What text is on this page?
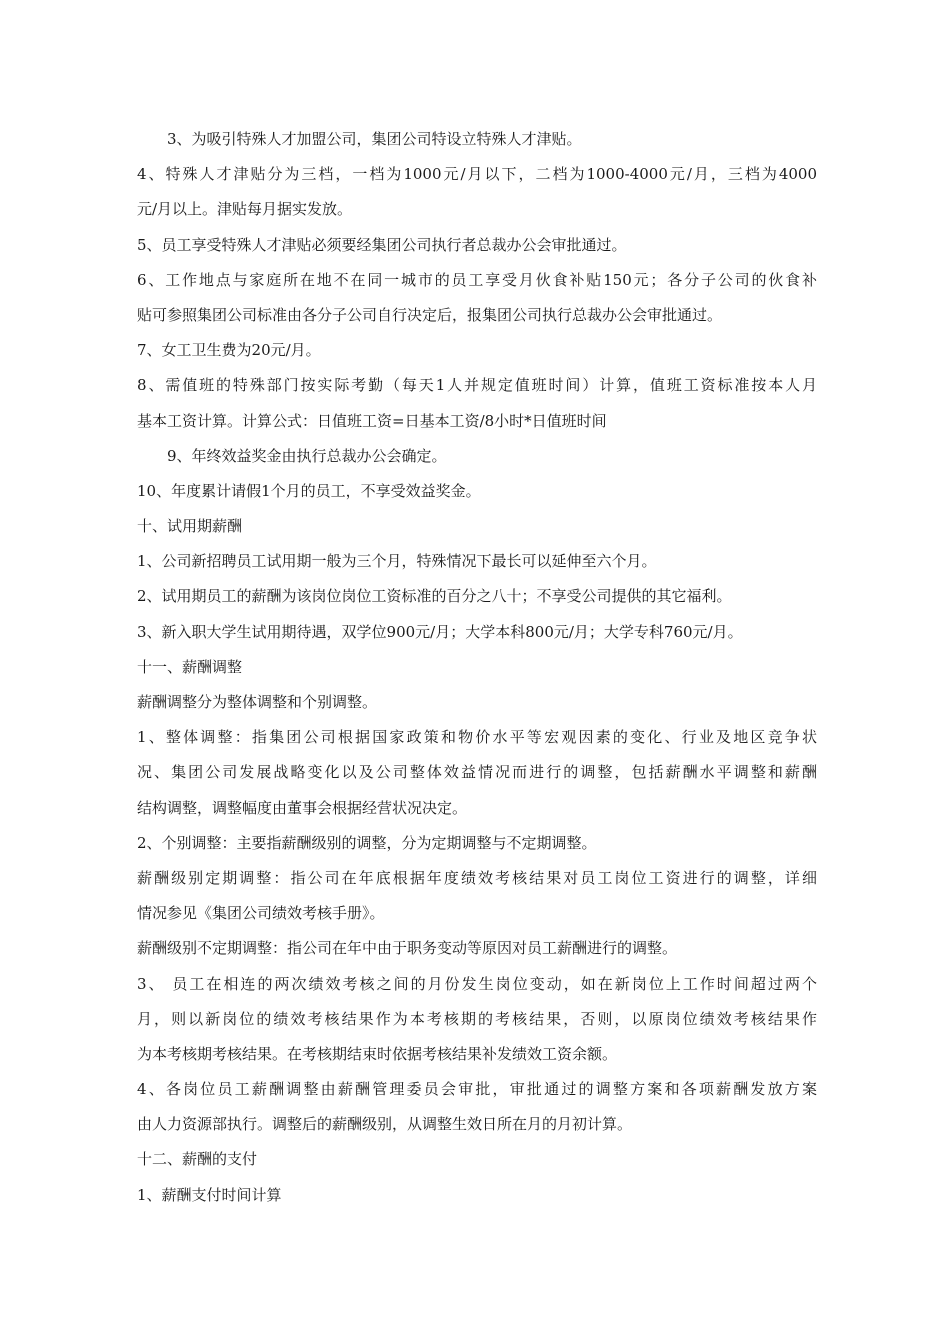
3、为吸引特殊人才加盟公司，集团公司特设立特殊人才津贴。
4、特殊人才津贴分为三档，一档为1000元/月以下，二档为1000-4000元/月，三档为4000
元/月以上。津贴每月据实发放。
5、员工享受特殊人才津贴必须要经集团公司执行者总裁办公会审批通过。
6、工作地点与家庭所在地不在同一城市的员工享受月伙食补贴150元；各分子公司的伙食补
贴可参照集团公司标准由各分子公司自行决定后，报集团公司执行总裁办公会审批通过。
7、女工卫生费为20元/月。
8、需值班的特殊部门按实际考勤（每天1人并规定值班时间）计算，值班工资标准按本人月
基本工资计算。计算公式：日值班工资=日基本工资/8小时*日值班时间
9、年终效益奖金由执行总裁办公会确定。
10、年度累计请假1个月的员工，不享受效益奖金。
十、试用期薪酬
1、公司新招聘员工试用期一般为三个月，特殊情况下最长可以延伸至六个月。
2、试用期员工的薪酬为该岗位岗位工资标准的百分之八十；不享受公司提供的其它福利。
3、新入职大学生试用期待遇，双学位900元/月；大学本科800元/月；大学专科760元/月。
十一、薪酬调整
薪酬调整分为整体调整和个别调整。
1、整体调整：指集团公司根据国家政策和物价水平等宏观因素的变化、行业及地区竞争状
况、集团公司发展战略变化以及公司整体效益情况而进行的调整，包括薪酬水平调整和薪酬
结构调整，调整幅度由董事会根据经营状况决定。
2、个别调整：主要指薪酬级别的调整，分为定期调整与不定期调整。
薪酬级别定期调整：指公司在年底根据年度绩效考核结果对员工岗位工资进行的调整，详细
情况参见《集团公司绩效考核手册》。
薪酬级别不定期调整：指公司在年中由于职务变动等原因对员工薪酬进行的调整。
3、 员工在相连的两次绩效考核之间的月份发生岗位变动，如在新岗位上工作时间超过两个
月，则以新岗位的绩效考核结果作为本考核期的考核结果，否则，以原岗位绩效考核结果作
为本考核期考核结果。在考核期结束时依据考核结果补发绩效工资余额。
4、各岗位员工薪酬调整由薪酬管理委员会审批，审批通过的调整方案和各项薪酬发放方案
由人力资源部执行。调整后的薪酬级别，从调整生效日所在月的月初计算。
十二、薪酬的支付
1、薪酬支付时间计算
